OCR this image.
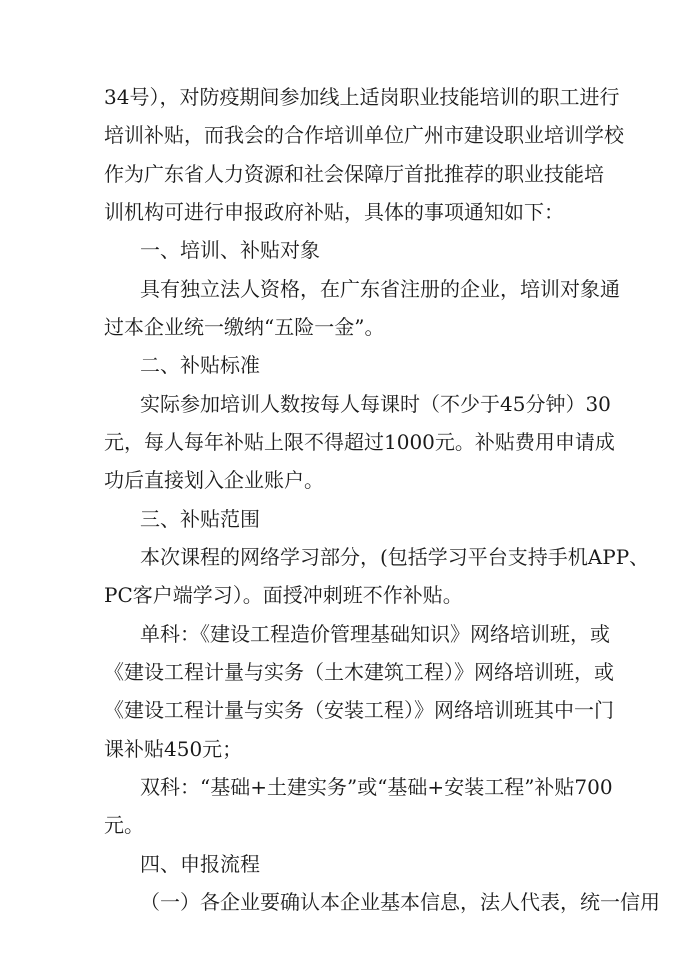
34号），对防疫期间参加线上适岗职业技能培训的职工进行
培训补贴，而我会的合作培训单位广州市建设职业培训学校
作为广东省人力资源和社会保障厅首批推荐的职业技能培
训机构可进行申报政府补贴，具体的事项通知如下：
一、培训、补贴对象
具有独立法人资格，在广东省注册的企业，培训对象通
过本企业统一缴纳“五险一金”。
二、补贴标准
实际参加培训人数按每人每课时（不少于45分钟）30
元，每人每年补贴上限不得超过1000元。补贴费用申请成
功后直接划入企业账户。
三、补贴范围
本次课程的网络学习部分，(包括学习平台支持手机APP、
PC客户端学习）。面授冲刺班不作补贴。
单科：《建设工程造价管理基础知识》网络培训班，或
《建设工程计量与实务（土木建筑工程）》网络培训班，或
《建设工程计量与实务（安装工程）》网络培训班其中一门
课补贴450元；
双科：“基础+土建实务”或“基础+安装工程”补贴700
元。
四、申报流程
（一）各企业要确认本企业基本信息，法人代表，统一信用
